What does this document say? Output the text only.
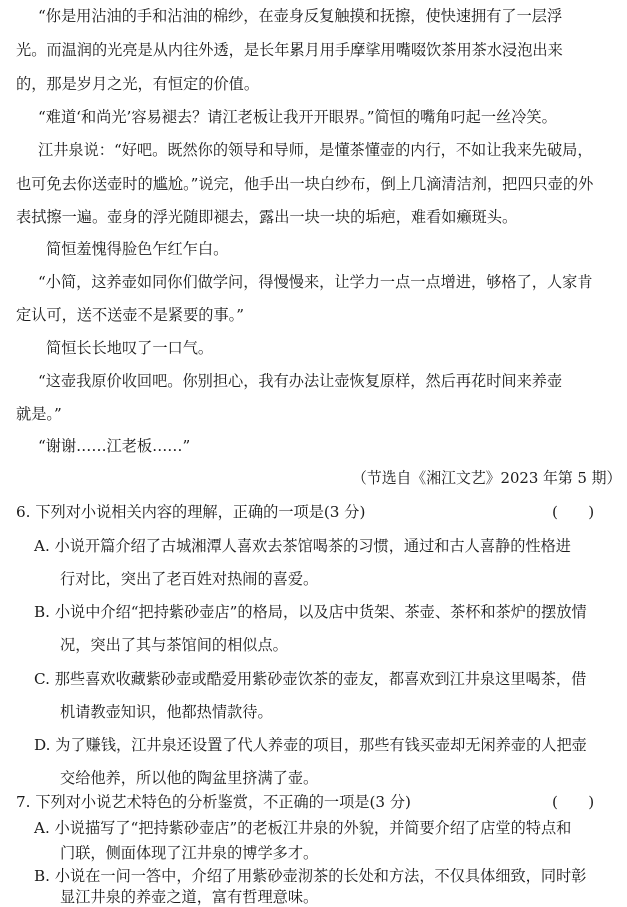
“你是用沾油的手和沾油的棉纱，在壶身反复触摸和抚擦，使快速拥有了一层浮
光。而温润的光亮是从内往外透，是长年累月用手摩挲用嘴啜饮茶用茶水浸泡出来
的，那是岁月之光，有恒定的价值。
“难道‘和尚光’容易褪去？请江老板让我开开眼界。”简恒的嘴角叼起一丝冷笑。
江井泉说：“好吧。既然你的领导和导师，是懂茶懂壶的内行，不如让我来先破局，
也可免去你送壶时的尴尬。”说完，他手出一块白纱布，倒上几滴清洁剂，把四只壶的外
表拭擦一遍。壶身的浮光随即褪去，露出一块一块的垢疤，难看如癞斑头。
简恒羞愧得脸色乍红乍白。
“小简，这养壶如同你们做学问，得慢慢来，让学力一点一点增进，够格了，人家肯
定认可，送不送壶不是紧要的事。”
简恒长长地叹了一口气。
“这壶我原价收回吧。你别担心，我有办法让壶恢复原样，然后再花时间来养壶
就是。”
“谢谢……江老板……”
（节选自《湘江文艺》2023 年第 5 期）
6. 下列对小说相关内容的理解，正确的一项是(3 分)	(　　)
A. 小说开篇介绍了古城湘潭人喜欢去茶馆喝茶的习惯，通过和古人喜静的性格进
行对比，突出了老百姓对热闹的喜爱。
B. 小说中介绍“把持紫砂壶店”的格局，以及店中货架、茶壶、茶杯和茶炉的摆放情
况，突出了其与茶馆间的相似点。
C. 那些喜欢收藏紫砂壶或酷爱用紫砂壶饮茶的壶友，都喜欢到江井泉这里喝茶，借
机请教壶知识，他都热情款待。
D. 为了赚钱，江井泉还设置了代人养壶的项目，那些有钱买壶却无闲养壶的人把壶
交给他养，所以他的陶盆里挤满了壶。
7. 下列对小说艺术特色的分析鉴赏，不正确的一项是(3 分)	(　　)
A. 小说描写了“把持紫砂壶店”的老板江井泉的外貌，并简要介绍了店堂的特点和
门联，侧面体现了江井泉的博学多才。
B. 小说在一问一答中，介绍了用紫砂壶沏茶的长处和方法，不仅具体细致，同时彰
显江井泉的养壶之道，富有哲理意味。
